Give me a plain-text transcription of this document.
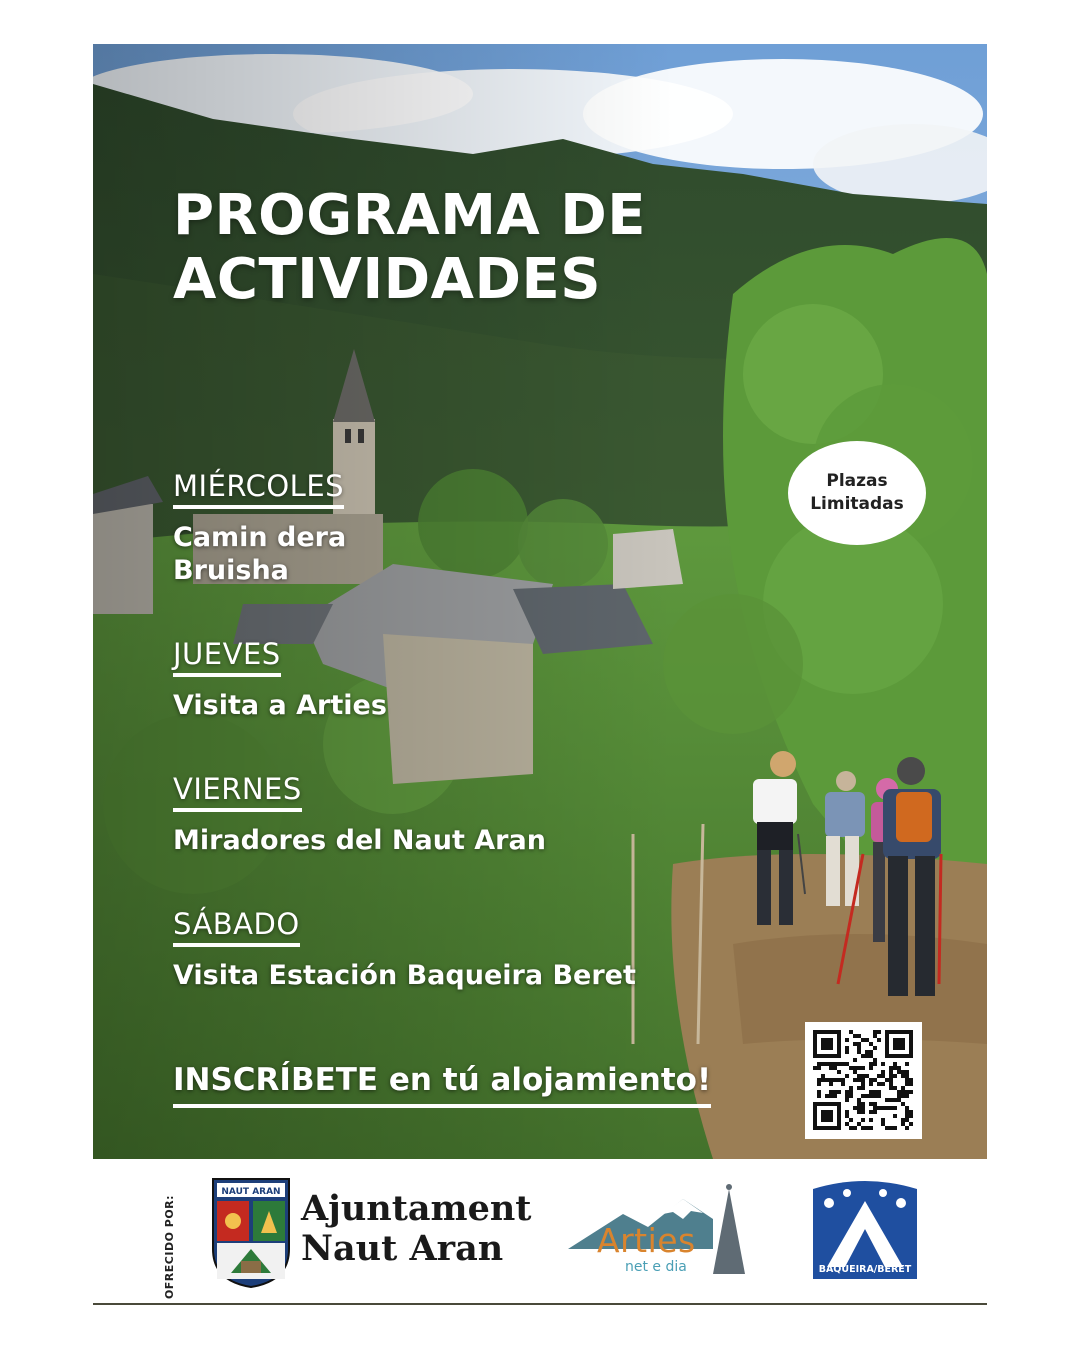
PROGRAMA DE
ACTIVIDADES
Plazas
Limitadas
MIÉRCOLES
Camin dera
Bruisha
JUEVES
Visita a Arties
VIERNES
Miradores del Naut Aran
SÁBADO
Visita Estación Baqueira Beret
INSCRÍBETE en tú alojamiento!
OFRECIDO POR:
NAUT ARAN Ajuntament
Naut Aran	Arties
net e dia	BAQUEIRA/BERET
